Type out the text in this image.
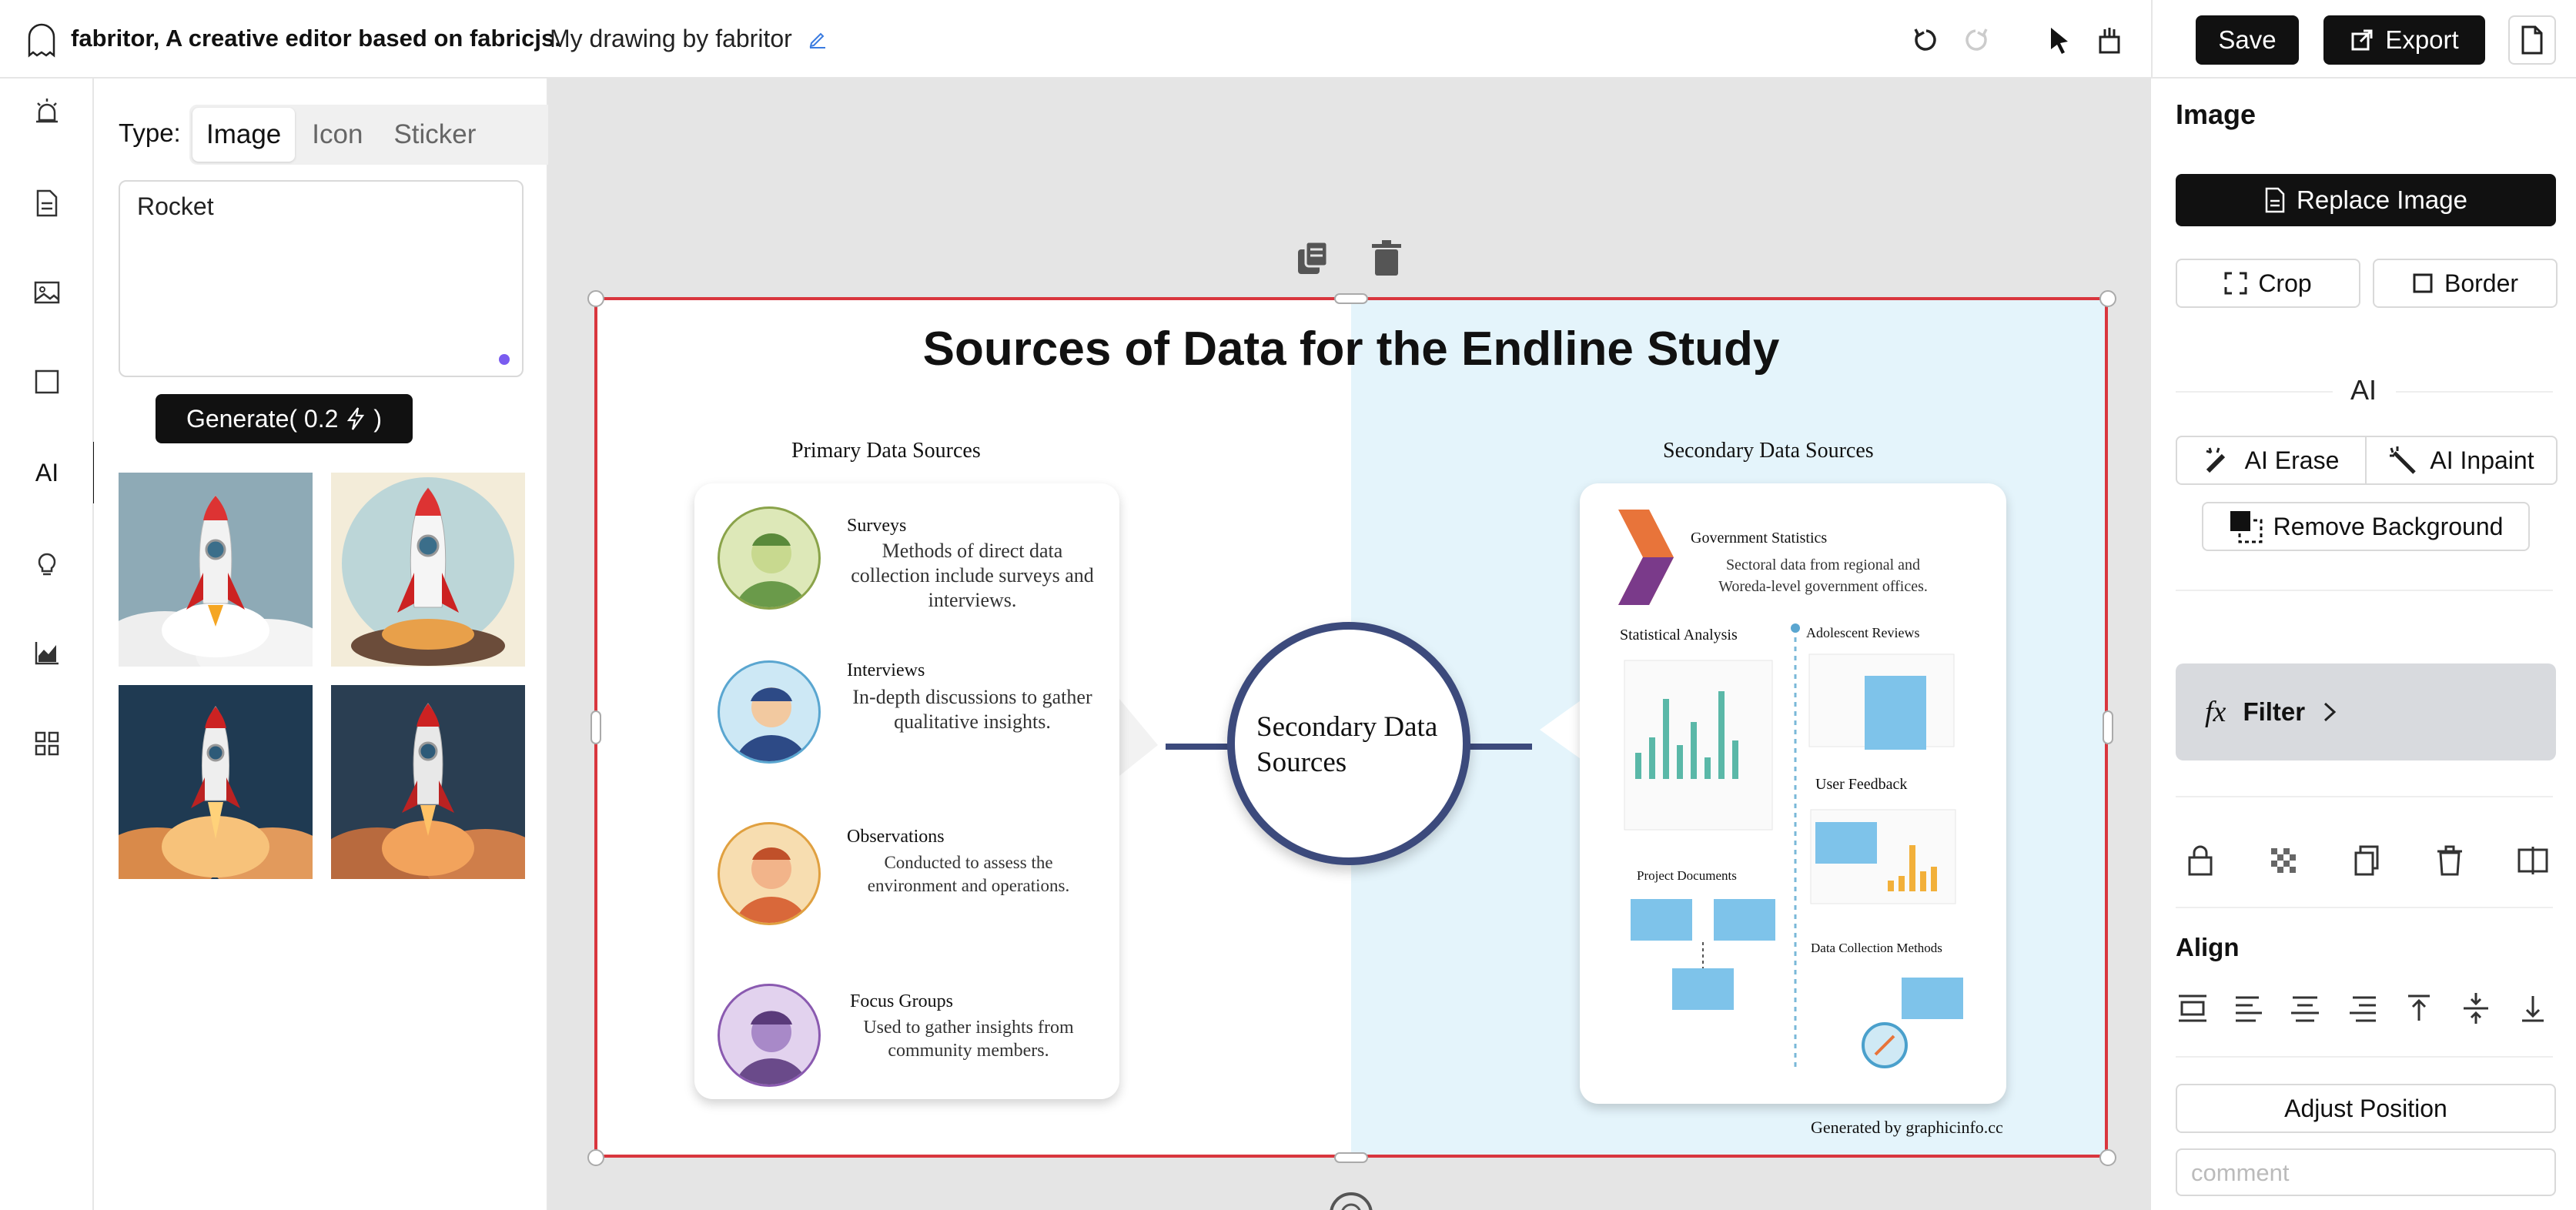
fabritor, A creative editor based on fabricjs.
My drawing by fabritor	Save	Export
AI
Type: Image	Icon	Sticker
Rocket
Generate( 0.2 )
Sources of Data for the Endline Study
Primary Data Sources	Secondary Data Sources
Surveys
Methods of direct data collection include surveys and interviews.
Interviews
In-depth discussions to gather qualitative insights.
Observations
Conducted to assess the environment and operations.
Focus Groups
Used to gather insights from community members.
Secondary Data Sources
Government Statistics
Sectoral data from regional and Woreda-level government offices.
Statistical Analysis	Adolescent Reviews
User Feedback
Project Documents
Data Collection Methods
Generated by graphicinfo.cc
Image
Replace Image
Crop	Border
AI
AI Erase	AI Inpaint
Remove Background
fx Filter
Align
Adjust Position
comment
